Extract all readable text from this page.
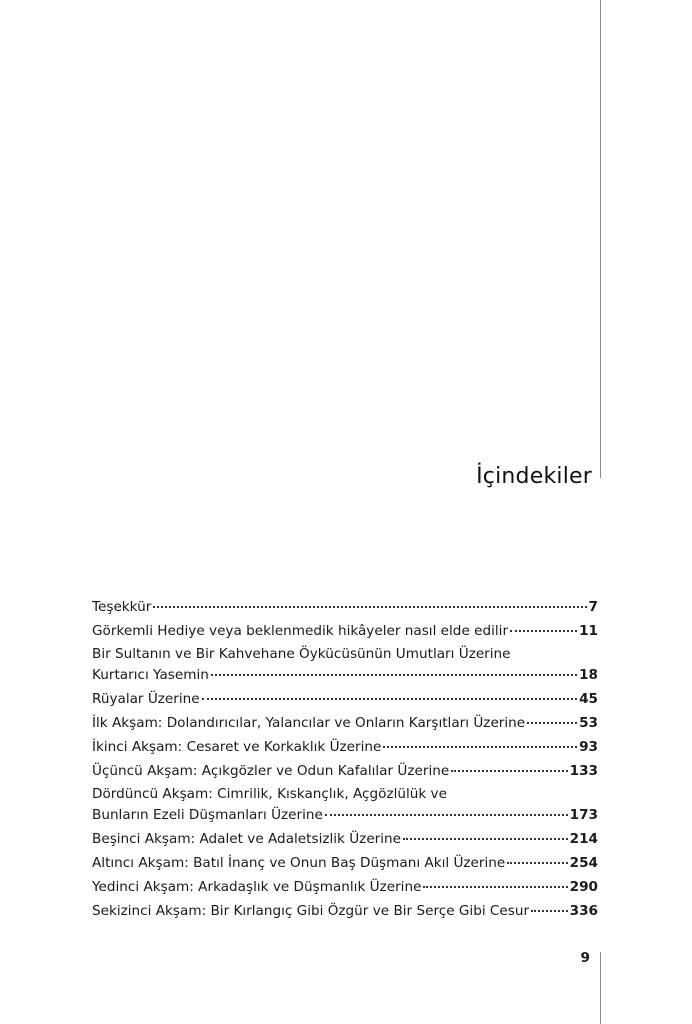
İçindekiler
Teşekkür	7
Görkemli Hediye veya beklenmedik hikâyeler nasıl elde edilir	11
Bir Sultanın ve Bir Kahvehane Öykücüsünün Umutları Üzerine
Kurtarıcı Yasemin	18
Rüyalar Üzerine	45
İlk Akşam: Dolandırıcılar, Yalancılar ve Onların Karşıtları Üzerine	53
İkinci Akşam: Cesaret ve Korkaklık Üzerine	93
Üçüncü Akşam: Açıkgözler ve Odun Kafalılar Üzerine	133
Dördüncü Akşam: Cimrilik, Kıskançlık, Açgözlülük ve
Bunların Ezeli Düşmanları Üzerine	173
Beşinci Akşam: Adalet ve Adaletsizlik Üzerine	214
Altıncı Akşam: Batıl İnanç ve Onun Baş Düşmanı Akıl Üzerine	254
Yedinci Akşam: Arkadaşlık ve Düşmanlık Üzerine	290
Sekizinci Akşam: Bir Kırlangıç Gibi Özgür ve Bir Serçe Gibi Cesur	336
9
